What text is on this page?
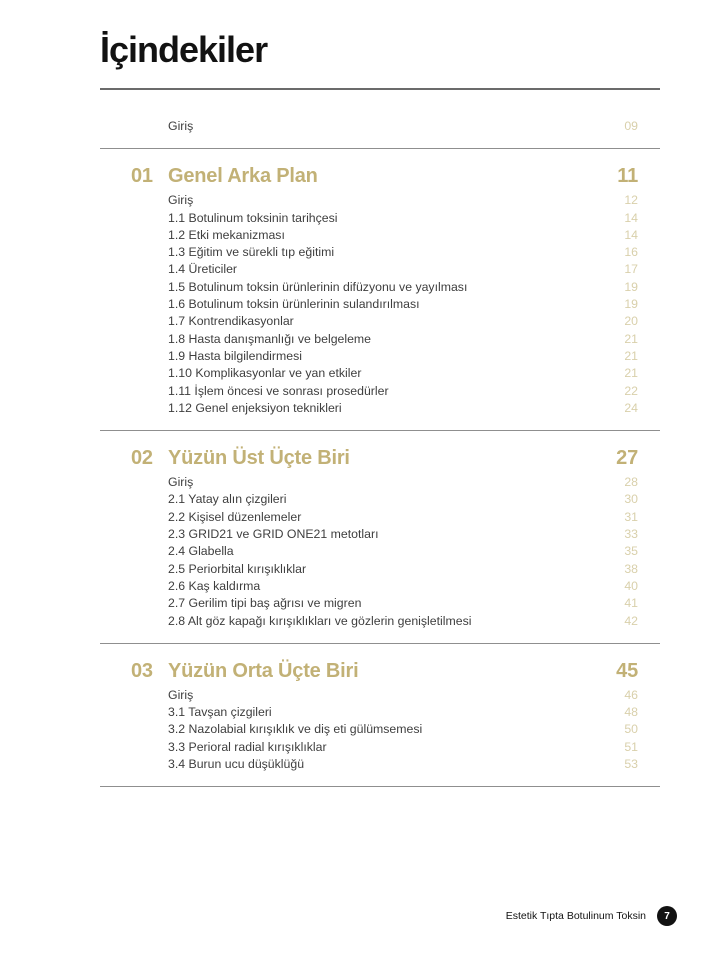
İçindekiler
Giriş	09
01 Genel Arka Plan	11
Giriş	12
1.1 Botulinum toksinin tarihçesi	14
1.2 Etki mekanizması	14
1.3 Eğitim ve sürekli tıp eğitimi	16
1.4 Üreticiler	17
1.5 Botulinum toksin ürünlerinin difüzyonu ve yayılması	19
1.6 Botulinum toksin ürünlerinin sulandırılması	19
1.7 Kontrendikasyonlar	20
1.8 Hasta danışmanlığı ve belgeleme	21
1.9 Hasta bilgilendirmesi	21
1.10 Komplikasyonlar ve yan etkiler	21
1.11 İşlem öncesi ve sonrası prosedürler	22
1.12 Genel enjeksiyon teknikleri	24
02 Yüzün Üst Üçte Biri	27
Giriş	28
2.1 Yatay alın çizgileri	30
2.2 Kişisel düzenlemeler	31
2.3 GRID21 ve GRID ONE21 metotları	33
2.4 Glabella	35
2.5 Periorbital kırışıklıklar	38
2.6 Kaş kaldırma	40
2.7 Gerilim tipi baş ağrısı ve migren	41
2.8 Alt göz kapağı kırışıklıkları ve gözlerin genişletilmesi	42
03 Yüzün Orta Üçte Biri	45
Giriş	46
3.1 Tavşan çizgileri	48
3.2 Nazolabial kırışıklık ve diş eti gülümsemesi	50
3.3 Perioral radial kırışıklıklar	51
3.4 Burun ucu düşüklüğü	53
Estetik Tıpta Botulinum Toksin	7
